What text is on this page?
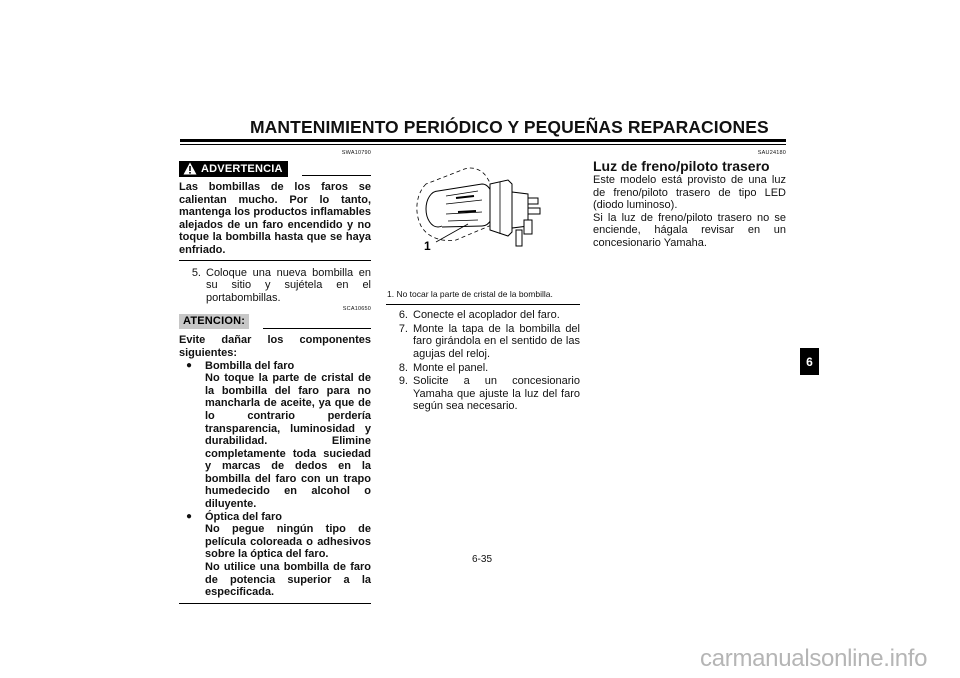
MANTENIMIENTO PERIÓDICO Y PEQUEÑAS REPARACIONES
SWA10790
ADVERTENCIA
Las bombillas de los faros se calientan mucho. Por lo tanto, mantenga los productos inflamables alejados de un faro encendido y no toque la bombilla hasta que se haya enfriado.
5. Coloque una nueva bombilla en su sitio y sujétela en el portabombillas.
SCA10650
ATENCION:
Evite dañar los componentes siguientes:
●	Bombilla del faro
No toque la parte de cristal de la bombilla del faro para no mancharla de aceite, ya que de lo contrario perdería transparencia, luminosidad y durabilidad. Elimine completamente toda suciedad y marcas de dedos en la bombilla del faro con un trapo humedecido en alcohol o diluyente.
●	Óptica del faro
No pegue ningún tipo de película coloreada o adhesivos sobre la óptica del faro.
No utilice una bombilla de faro de potencia superior a la especificada.
1
1. No tocar la parte de cristal de la bombilla.
6. Conecte el acoplador del faro.
7. Monte la tapa de la bombilla del faro girándola en el sentido de las agujas del reloj.
8. Monte el panel.
9. Solicite a un concesionario Yamaha que ajuste la luz del faro según sea necesario.
SAU24180
Luz de freno/piloto trasero
Este modelo está provisto de una luz de freno/piloto trasero de tipo LED (diodo luminoso).
Si la luz de freno/piloto trasero no se enciende, hágala revisar en un concesionario Yamaha.
6
6-35
carmanualsonline.info
